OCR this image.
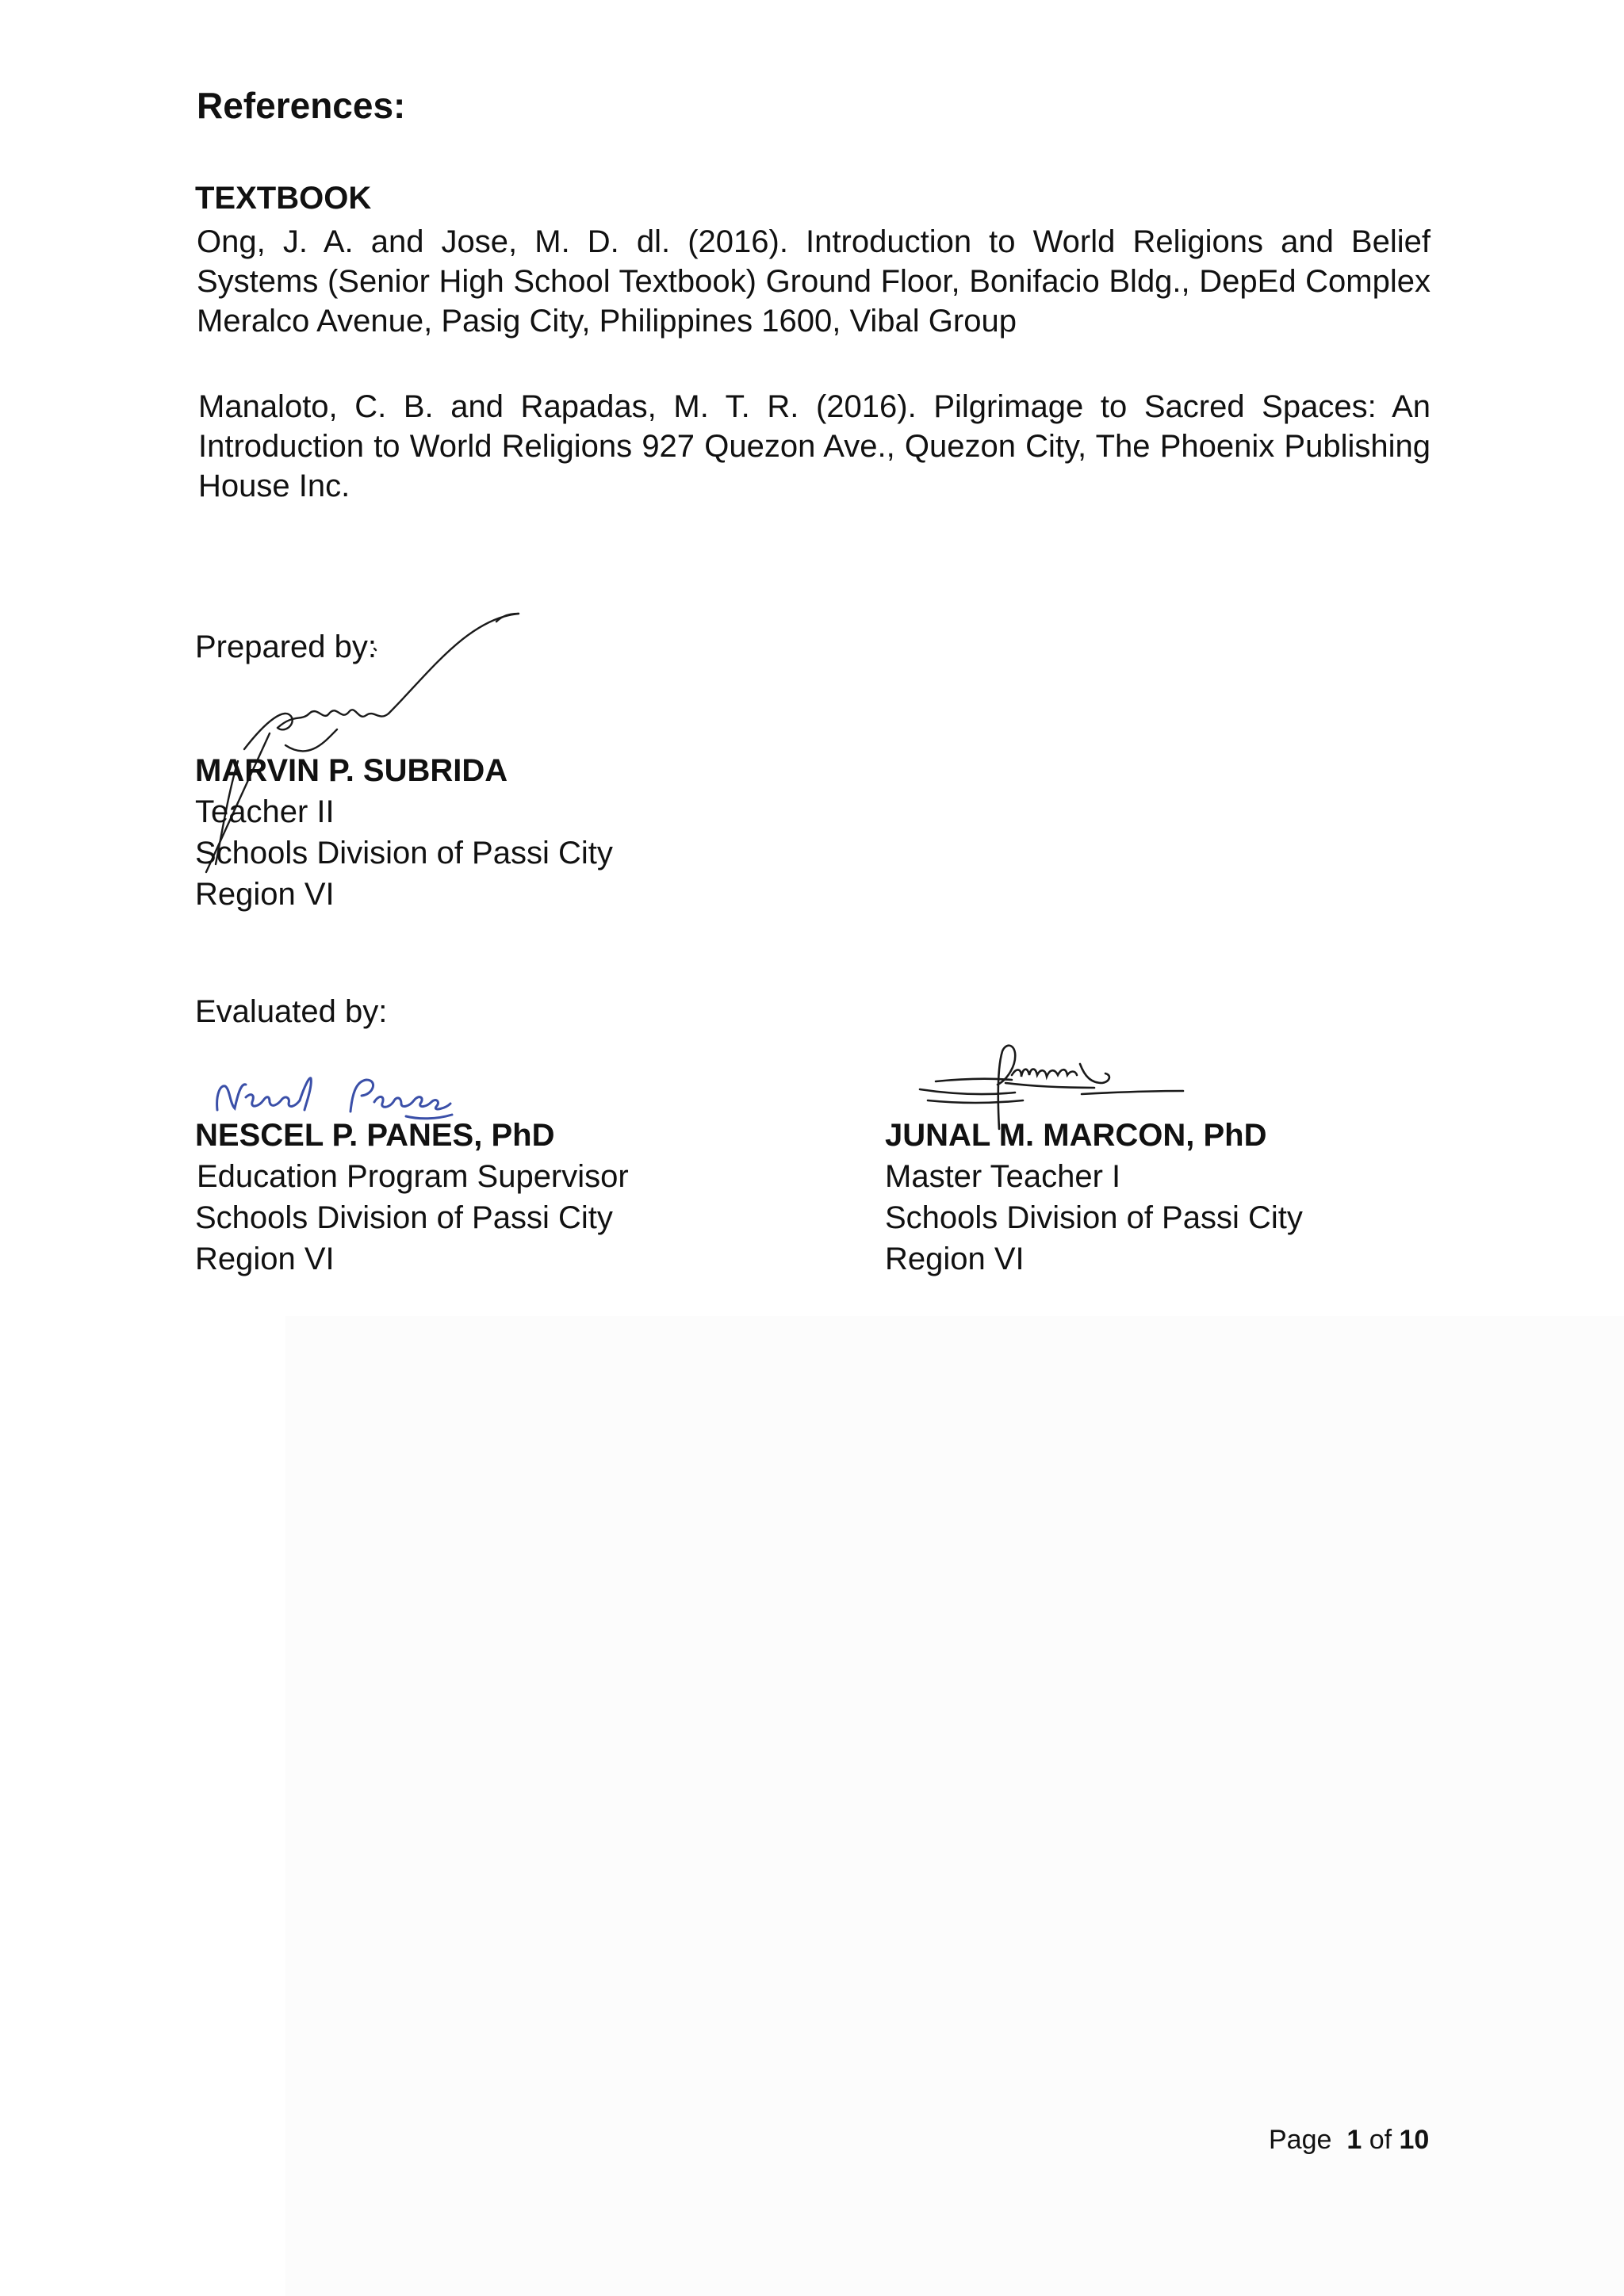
References:
TEXTBOOK
Ong, J. A. and Jose, M. D. dl. (2016). Introduction to World Religions and Belief Systems (Senior High School Textbook) Ground Floor, Bonifacio Bldg., DepEd Complex Meralco Avenue, Pasig City, Philippines 1600, Vibal Group
Manaloto, C. B. and Rapadas, M. T. R. (2016). Pilgrimage to Sacred Spaces: An Introduction to World Religions 927 Quezon Ave., Quezon City, The Phoenix Publishing House Inc.
Prepared by:
MARVIN P. SUBRIDA
Teacher II
Schools Division of Passi City
Region VI
Evaluated by:
NESCEL P. PANES, PhD
Education Program Supervisor
Schools Division of Passi City
Region VI
JUNAL M. MARCON, PhD
Master Teacher I
Schools Division of Passi City
Region VI
Page 1 of 10
